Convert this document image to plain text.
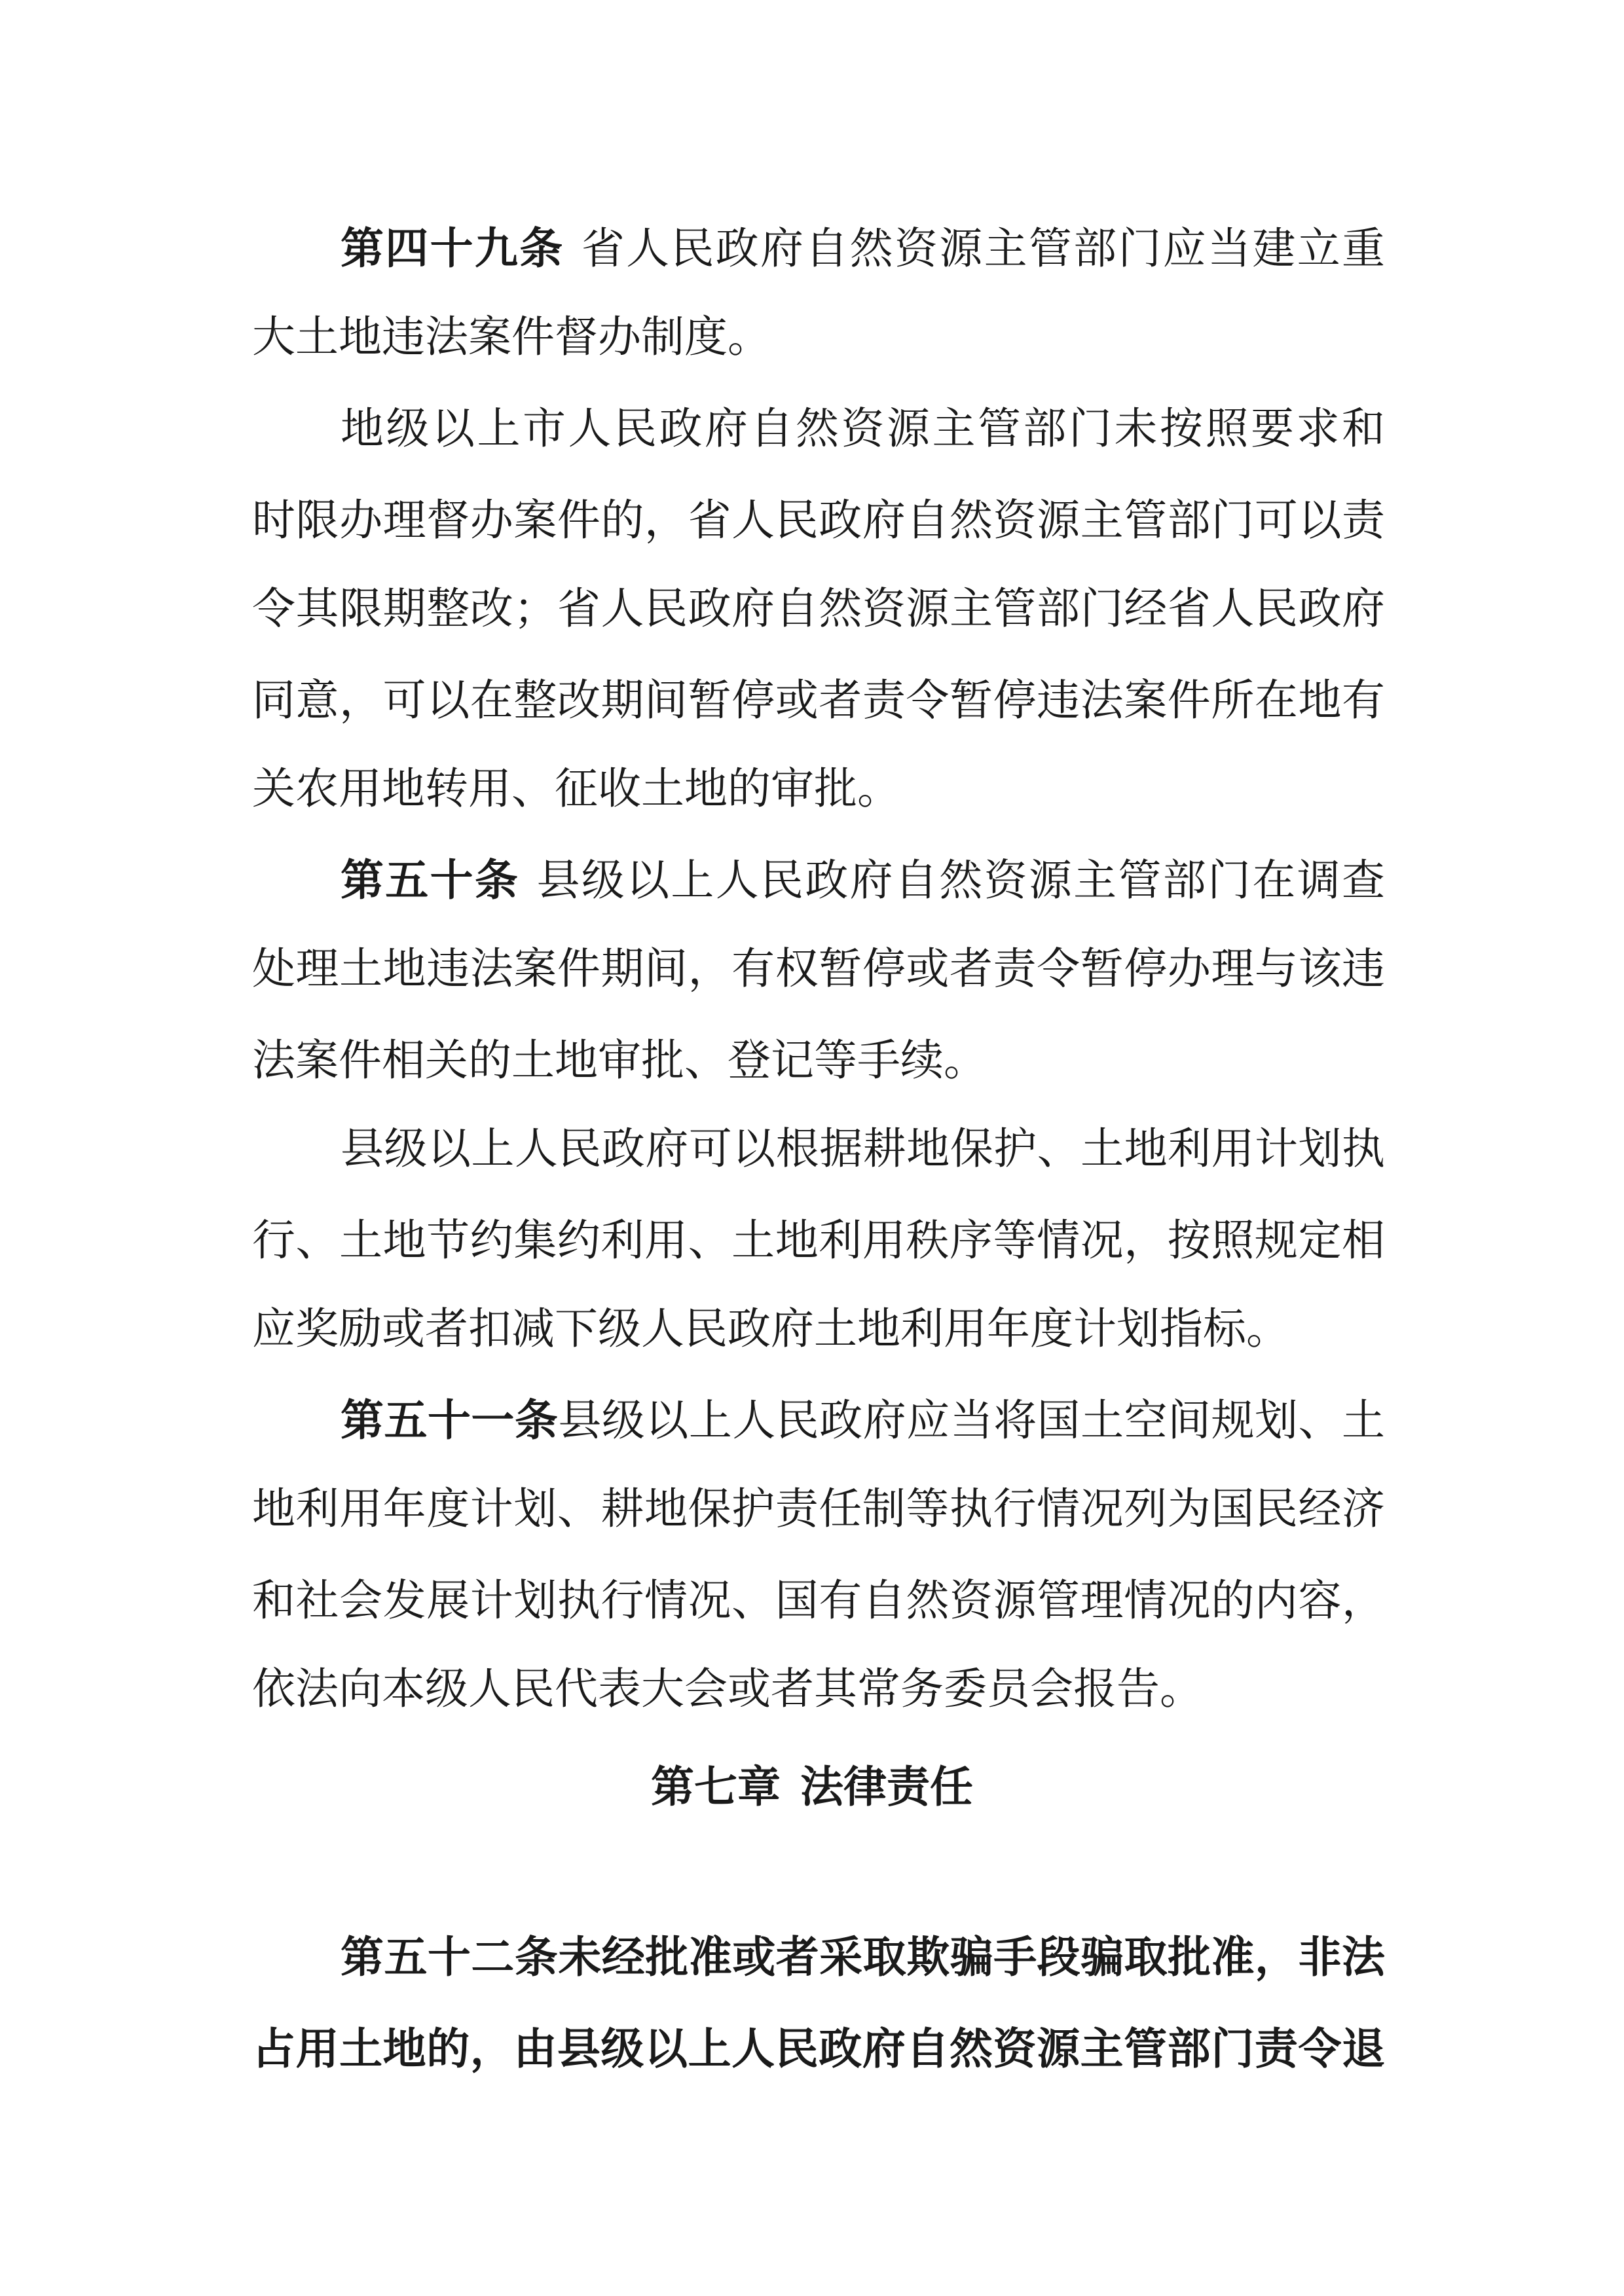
第四十九条 省人民政府自然资源主管部门应当建立重
大土地违法案件督办制度。
地级以上市人民政府自然资源主管部门未按照要求和
时限办理督办案件的，省人民政府自然资源主管部门可以责
令其限期整改；省人民政府自然资源主管部门经省人民政府
同意，可以在整改期间暂停或者责令暂停违法案件所在地有
关农用地转用、征收土地的审批。
第五十条 县级以上人民政府自然资源主管部门在调查
处理土地违法案件期间，有权暂停或者责令暂停办理与该违
法案件相关的土地审批、登记等手续。
县级以上人民政府可以根据耕地保护、土地利用计划执
行、土地节约集约利用、土地利用秩序等情况，按照规定相
应奖励或者扣减下级人民政府土地利用年度计划指标。
第五十一条县级以上人民政府应当将国土空间规划、土
地利用年度计划、耕地保护责任制等执行情况列为国民经济
和社会发展计划执行情况、国有自然资源管理情况的内容，
依法向本级人民代表大会或者其常务委员会报告。
第七章 法律责任
第五十二条未经批准或者采取欺骗手段骗取批准，非法
占用土地的，由县级以上人民政府自然资源主管部门责令退
